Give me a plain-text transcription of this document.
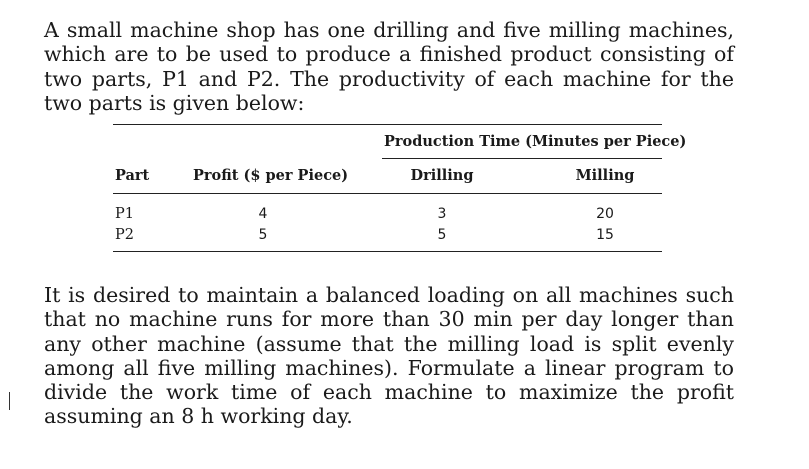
A small machine shop has one drilling and five milling machines, which are to be used to produce a finished product consisting of two parts, P1 and P2. The productivity of each machine for the two parts is given below:

Production Time (Minutes per Piece)
Part	Profit ($ per Piece)	Drilling	Milling
P1	4	3	20
P2	5	5	15

It is desired to maintain a balanced loading on all machines such that no machine runs for more than 30 min per day longer than any other machine (assume that the milling load is split evenly among all five milling machines). Formulate a linear program to divide the work time of each machine to maximize the profit assuming an 8 h working day.
